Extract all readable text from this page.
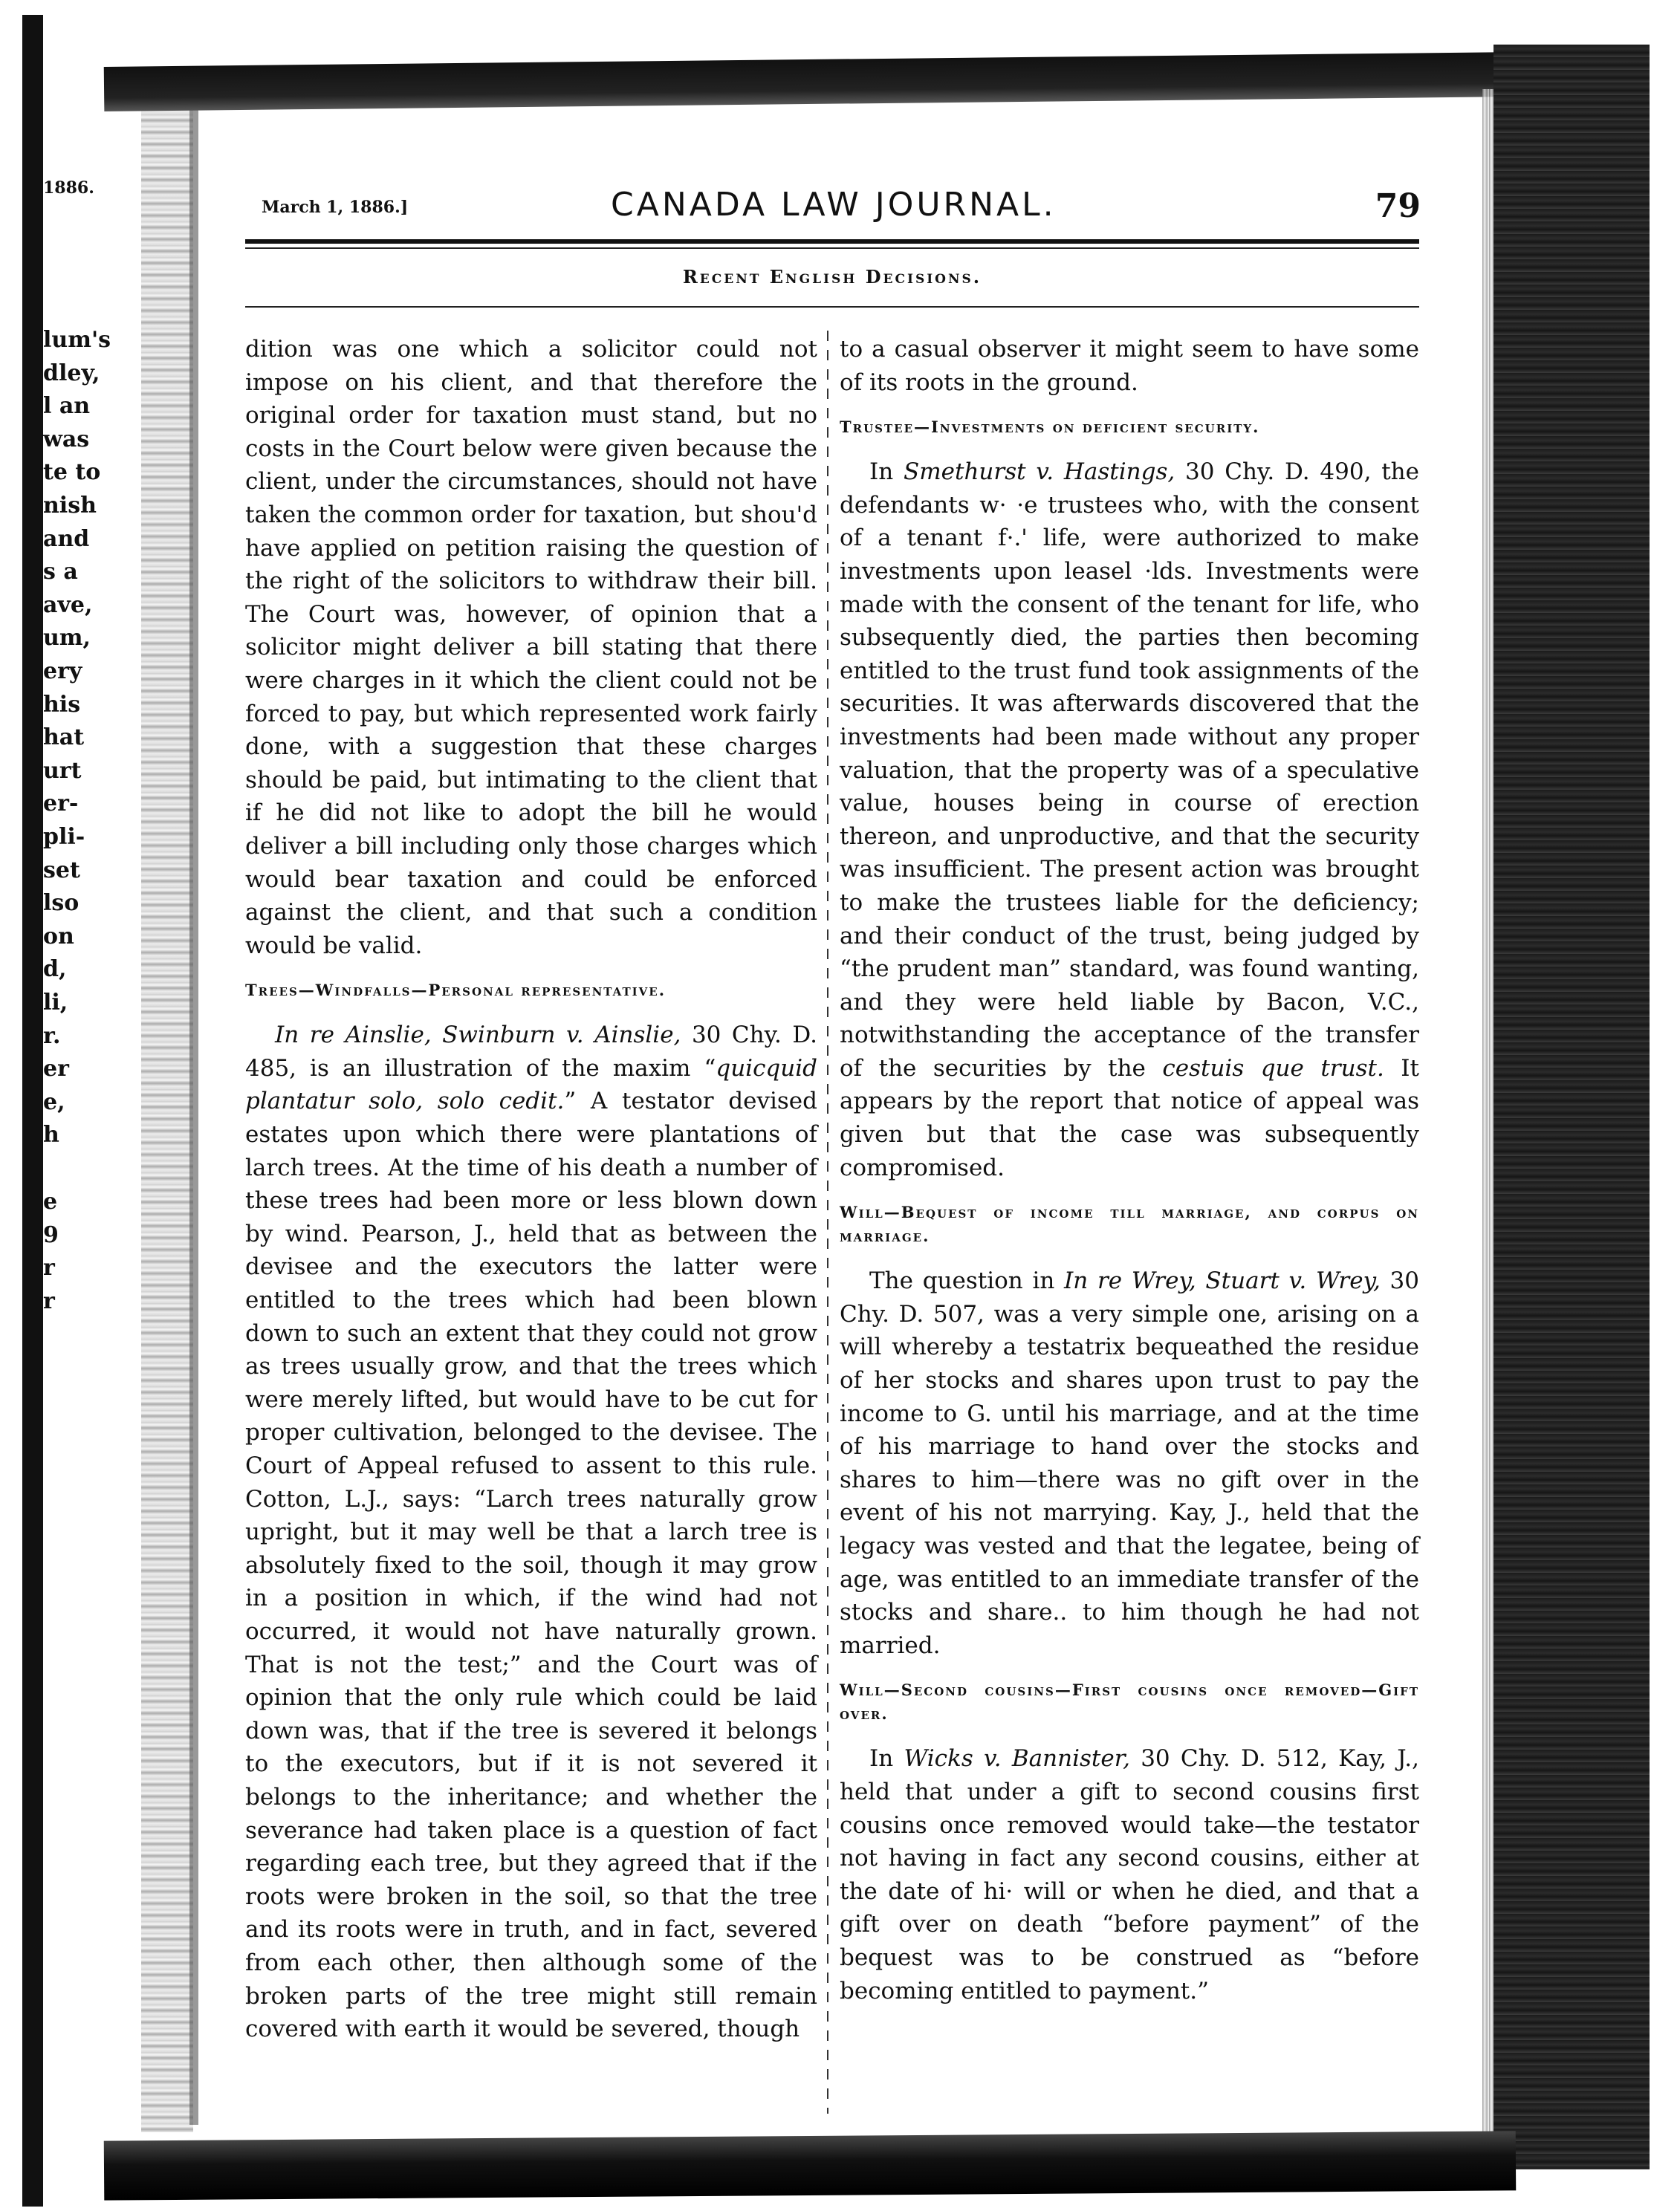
1886.
lum's
dley,
l an
was
te to
nish
and
s a
ave,
um,
ery
his
hat
urt
er-
pli-
set
lso
on
d,
li,
r.
er
e,
h
e
9
r
r
March 1, 1886.]	CANADA LAW JOURNAL.	79
Recent English Decisions.

dition was one which a solicitor could not impose on his client, and that therefore the original order for taxation must stand, but no costs in the Court below were given because the client, under the circumstances, should not have taken the common order for taxation, but shou'd have applied on petition raising the question of the right of the solicitors to withdraw their bill. The Court was, however, of opinion that a solicitor might deliver a bill stating that there were charges in it which the client could not be forced to pay, but which represented work fairly done, with a suggestion that these charges should be paid, but intimating to the client that if he did not like to adopt the bill he would deliver a bill including only those charges which would bear taxation and could be enforced against the client, and that such a condition would be valid.

Trees—Windfalls—Personal representative.

In re Ainslie, Swinburn v. Ainslie, 30 Chy. D. 485, is an illustration of the maxim “quicquid plantatur solo, solo cedit.” A testator devised estates upon which there were plantations of larch trees. At the time of his death a number of these trees had been more or less blown down by wind. Pearson, J., held that as between the devisee and the executors the latter were entitled to the trees which had been blown down to such an extent that they could not grow as trees usually grow, and that the trees which were merely lifted, but would have to be cut for proper cultivation, belonged to the devisee. The Court of Appeal refused to assent to this rule. Cotton, L.J., says: “Larch trees naturally grow upright, but it may well be that a larch tree is absolutely fixed to the soil, though it may grow in a position in which, if the wind had not occurred, it would not have naturally grown. That is not the test;” and the Court was of opinion that the only rule which could be laid down was, that if the tree is severed it belongs to the executors, but if it is not severed it belongs to the inheritance; and whether the severance had taken place is a question of fact regarding each tree, but they agreed that if the roots were broken in the soil, so that the tree and its roots were in truth, and in fact, severed from each other, then although some of the broken parts of the tree might still remain covered with earth it would be severed, though

to a casual observer it might seem to have some of its roots in the ground.

Trustee—Investments on deficient security.

In Smethurst v. Hastings, 30 Chy. D. 490, the defendants w· ·e trustees who, with the consent of a tenant f·.' life, were authorized to make investments upon leasel ·lds. Investments were made with the consent of the tenant for life, who subsequently died, the parties then becoming entitled to the trust fund took assignments of the securities. It was afterwards discovered that the investments had been made without any proper valuation, that the property was of a speculative value, houses being in course of erection thereon, and unproductive, and that the security was insufficient. The present action was brought to make the trustees liable for the deficiency; and their conduct of the trust, being judged by “the prudent man” standard, was found wanting, and they were held liable by Bacon, V.C., notwithstanding the acceptance of the transfer of the securities by the cestuis que trust. It appears by the report that notice of appeal was given but that the case was subsequently compromised.

Will—Bequest of income till marriage, and corpus on marriage.

The question in In re Wrey, Stuart v. Wrey, 30 Chy. D. 507, was a very simple one, arising on a will whereby a testatrix bequeathed the residue of her stocks and shares upon trust to pay the income to G. until his marriage, and at the time of his marriage to hand over the stocks and shares to him—there was no gift over in the event of his not marrying. Kay, J., held that the legacy was vested and that the legatee, being of age, was entitled to an immediate transfer of the stocks and share.. to him though he had not married.

Will—Second cousins—First cousins once removed—Gift over.

In Wicks v. Bannister, 30 Chy. D. 512, Kay, J., held that under a gift to second cousins first cousins once removed would take—the testator not having in fact any second cousins, either at the date of hi· will or when he died, and that a gift over on death “before payment” of the bequest was to be construed as “before becoming entitled to payment.”
